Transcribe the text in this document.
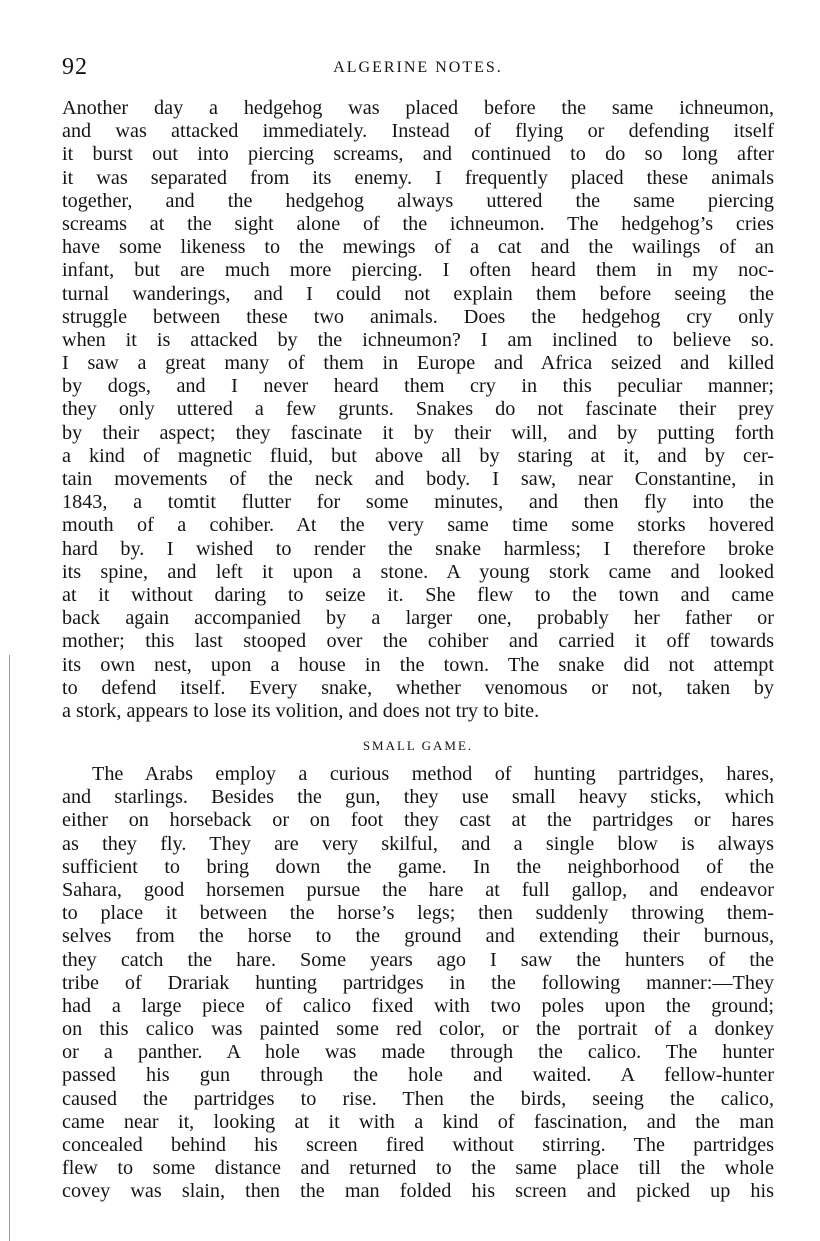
92	ALGERINE NOTES.
Another day a hedgehog was placed before the same ichneumon,
and was attacked immediately. Instead of flying or defending itself
it burst out into piercing screams, and continued to do so long after
it was separated from its enemy. I frequently placed these animals
together, and the hedgehog always uttered the same piercing
screams at the sight alone of the ichneumon. The hedgehog’s cries
have some likeness to the mewings of a cat and the wailings of an
infant, but are much more piercing. I often heard them in my noc-
turnal wanderings, and I could not explain them before seeing the
struggle between these two animals. Does the hedgehog cry only
when it is attacked by the ichneumon? I am inclined to believe so.
I saw a great many of them in Europe and Africa seized and killed
by dogs, and I never heard them cry in this peculiar manner;
they only uttered a few grunts. Snakes do not fascinate their prey
by their aspect; they fascinate it by their will, and by putting forth
a kind of magnetic fluid, but above all by staring at it, and by cer-
tain movements of the neck and body. I saw, near Constantine, in
1843, a tomtit flutter for some minutes, and then fly into the
mouth of a cohiber. At the very same time some storks hovered
hard by. I wished to render the snake harmless; I therefore broke
its spine, and left it upon a stone. A young stork came and looked
at it without daring to seize it. She flew to the town and came
back again accompanied by a larger one, probably her father or
mother; this last stooped over the cohiber and carried it off towards
its own nest, upon a house in the town. The snake did not attempt
to defend itself. Every snake, whether venomous or not, taken by
a stork, appears to lose its volition, and does not try to bite.
SMALL GAME.
The Arabs employ a curious method of hunting partridges, hares,
and starlings. Besides the gun, they use small heavy sticks, which
either on horseback or on foot they cast at the partridges or hares
as they fly. They are very skilful, and a single blow is always
sufficient to bring down the game. In the neighborhood of the
Sahara, good horsemen pursue the hare at full gallop, and endeavor
to place it between the horse’s legs; then suddenly throwing them-
selves from the horse to the ground and extending their burnous,
they catch the hare. Some years ago I saw the hunters of the
tribe of Drariak hunting partridges in the following manner:—They
had a large piece of calico fixed with two poles upon the ground;
on this calico was painted some red color, or the portrait of a donkey
or a panther. A hole was made through the calico. The hunter
passed his gun through the hole and waited. A fellow-hunter
caused the partridges to rise. Then the birds, seeing the calico,
came near it, looking at it with a kind of fascination, and the man
concealed behind his screen fired without stirring. The partridges
flew to some distance and returned to the same place till the whole
covey was slain, then the man folded his screen and picked up his
